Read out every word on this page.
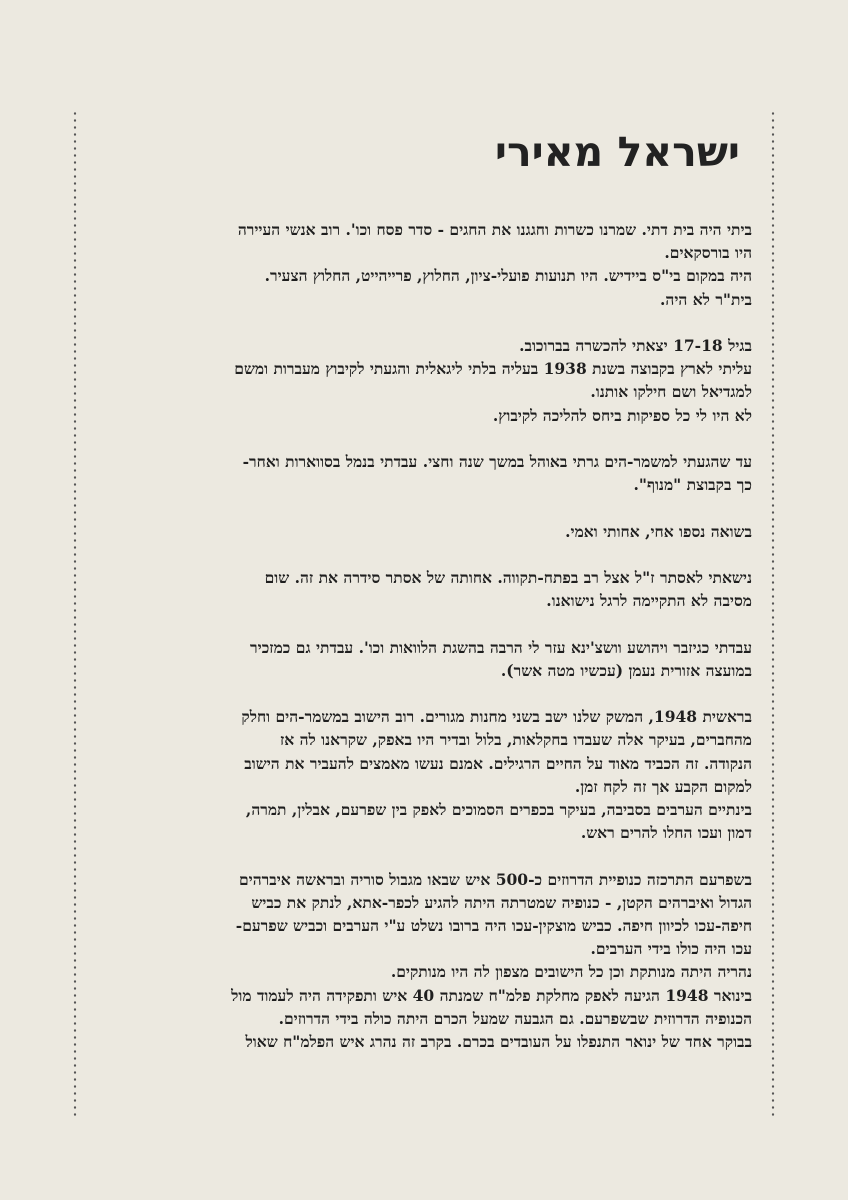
ישראל מאירי

ביתי היה בית דתי. שמרנו כשרות וחגגנו את החגים - סדר פסח וכו'. רוב אנשי העיירה
היו בורסקאים.
היה במקום בי"ס ביידיש. היו תנועות פועלי-ציון, החלוץ, פרייהייט, החלוץ הצעיר.
בית"ר לא היה.

בגיל 17-18 יצאתי להכשרה בברוכוב.
עליתי לארץ בקבוצה בשנת 1938 בעליה בלתי ליגאלית והגעתי לקיבוץ מעברות ומשם
למגדיאל ושם חילקו אותנו.
לא היו לי כל ספיקות ביחס להליכה לקיבוץ.

עד שהגעתי למשמר-הים גרתי באוהל במשך שנה וחצי. עבדתי בנמל בסווארות ואחר-
כך בקבוצת "מנוף".

בשואה נספו אחי, אחותי ואמי.

נישאתי לאסתר ז"ל אצל רב בפתח-תקווה. אחותה של אסתר סידרה את זה. שום
מסיבה לא התקיימה לרגל נישואנו.

עבדתי כגיזבר ויהושע וושצ'ינא עזר לי הרבה בהשגת הלוואות וכו'. עבדתי גם כמזכיר
במועצה אזורית נעמן (עכשיו מטה אשר).

בראשית 1948, המשק שלנו ישב בשני מחנות מגורים. רוב הישוב במשמר-הים וחלק
מהחברים, בעיקר אלה שעבדו בחקלאות, בלול ובדיר היו באפק, שקראנו לה אז
הנקודה. זה הכביד מאוד על החיים הרגילים. אמנם נעשו מאמצים להעביר את הישוב
למקום הקבע אך זה לקח זמן.
בינתיים הערבים בסביבה, בעיקר בכפרים הסמוכים לאפק בין שפרעם, אבלין, תמרה,
דמון ועכו החלו להרים ראש.

בשפרעם התרכזה כנופיית הדרוזים כ-500 איש שבאו מגבול סוריה ובראשה איברהים
הגדול ואיברהים הקטן, - כנופיה שמטרתה היתה להגיע לכפר-אתא, לנתק את כביש
חיפה-עכו לכיוון חיפה. כביש מוצקין-עכו היה ברובו נשלט ע"י הערבים וכביש שפרעם-
עכו היה כולו בידי הערבים.
נהריה היתה מנותקת וכן כל הישובים מצפון לה היו מנותקים.
בינואר 1948 הגיעה לאפק מחלקת פלמ"ח שמנתה 40 איש ותפקידה היה לעמוד מול
הכנופיה הדרוזית שבשפרעם. גם הגבעה שמעל הכרם היתה כולה בידי הדרוזים.
בבוקר אחד של ינואר התנפלו על העובדים בכרם. בקרב זה נהרג איש הפלמ"ח שאול
